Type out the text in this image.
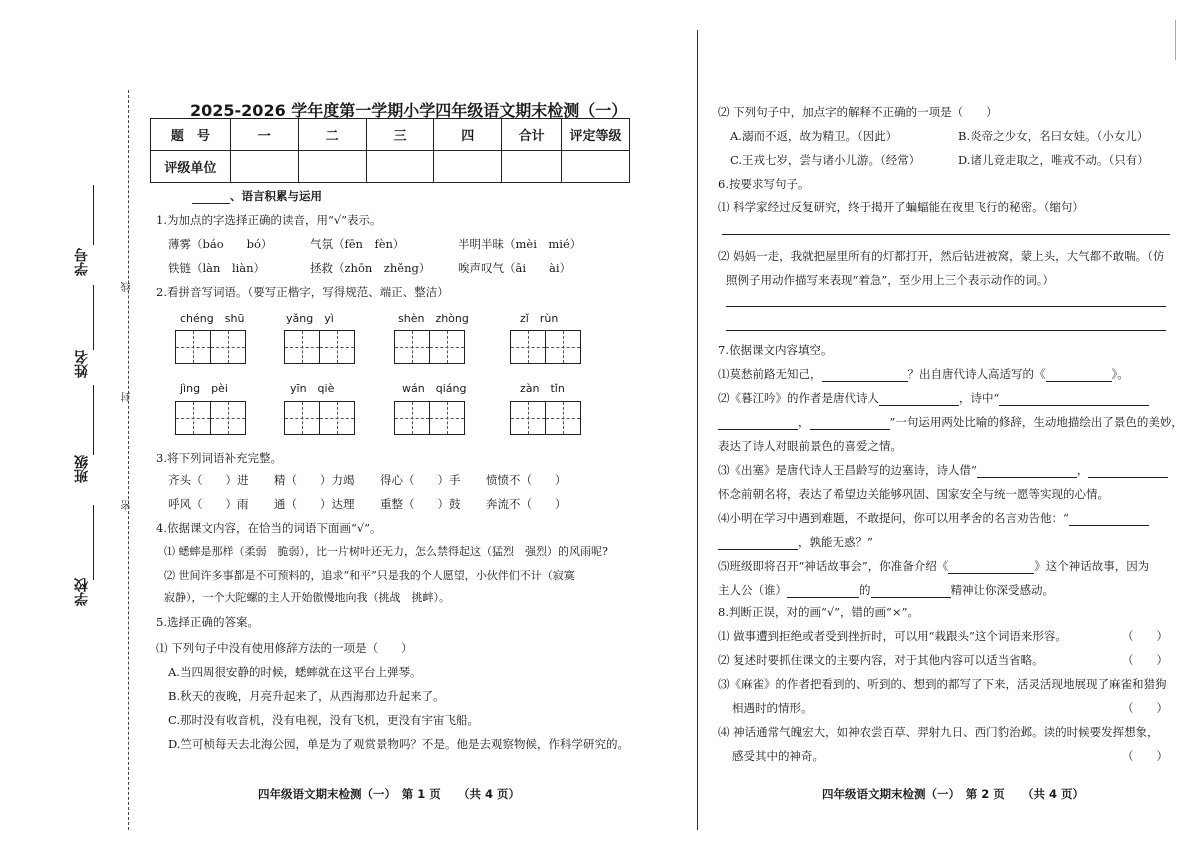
学校
班级
姓名
学号
密
封
线
2025-2026 学年度第一学期小学四年级语文期末检测（一）
题　号	一	二	三	四	合计	评定等级
评级单位						
、语言积累与运用
1.为加点的字选择正确的读音，用“√”表示。
薄雾（báo　　bó）	气氛（fēn　fèn）	半明半昧（mèi　mié）
铁链（làn　liàn）	拯救（zhōn　zhěng） 唉声叹气（āi　　ài）
2.看拼音写词语。（要写正楷字，写得规范、端正、整洁）
chéng　shū	yǎng　yì	shèn　zhòng	zǐ　rùn
jìng　pèi	yīn　qiè	wán　qiáng	zàn　tǐn
3.将下列词语补充完整。
齐头（　　）进 精（　　）力竭 得心（　　）手 愤愤不（　　）
呼风（　　）雨 通（　　）达理 重整（　　）鼓 奔流不（　　）
4.依据课文内容，在恰当的词语下面画“√”。
⑴ 蟋蟀是那样（柔弱　脆弱），比一片树叶还无力，怎么禁得起这（猛烈　强烈）的风雨呢?
⑵ 世间许多事都是不可预料的，追求“和平”只是我的个人愿望，小伙伴们不计（寂寞
寂静），一个大陀螺的主人开始傲慢地向我（挑战　挑衅）。
5.选择正确的答案。
⑴ 下列句子中没有使用修辞方法的一项是（　　）
A.当四周很安静的时候，蟋蟀就在这平台上弹琴。
B.秋天的夜晚，月亮升起来了，从西海那边升起来了。
C.那时没有收音机，没有电视，没有飞机，更没有宇宙飞船。
D.竺可桢每天去北海公园，单是为了观赏景物吗？不是。他是去观察物候，作科学研究的。
四年级语文期末检测（一）　第 1 页　　（共 4 页）
⑵ 下列句子中，加点字的解释不正确的一项是（　　）
A.溺而不返，故为精卫。（因此）	B.炎帝之少女，名曰女娃。（小女儿）
C.王戎七岁，尝与诸小儿游。（经常）	D.诸儿竞走取之，唯戎不动。（只有）
6.按要求写句子。
⑴ 科学家经过反复研究，终于揭开了蝙蝠能在夜里飞行的秘密。（缩句）
⑵ 妈妈一走，我就把屋里所有的灯都打开，然后钻进被窝，蒙上头，大气都不敢喘。（仿
照例子用动作描写来表现“着急”，至少用上三个表示动作的词。）
7.依据课文内容填空。
⑴莫愁前路无知己，	？出自唐代诗人高适写的《	》。
⑵《暮江吟》的作者是唐代诗人	，诗中“
，	”一句运用两处比喻的修辞，生动地描绘出了景色的美妙，
表达了诗人对眼前景色的喜爱之情。
⑶《出塞》是唐代诗人王昌龄写的边塞诗，诗人借“	，
怀念前朝名将，表达了希望边关能够巩固、国家安全与统一愿等实现的心情。
⑷小明在学习中遇到难题，不敢提问，你可以用孝舍的名言劝告他：“
，孰能无惑？”
⑸班级即将召开“神话故事会”，你准备介绍《	》这个神话故事，因为
主人公（谁）	的	精神让你深受感动。
8.判断正误，对的画“√”，错的画“×”。
⑴ 做事遭到拒绝或者受到挫折时，可以用“栽跟头”这个词语来形容。	（　　）
⑵ 复述时要抓住课文的主要内容，对于其他内容可以适当省略。	（　　）
⑶《麻雀》的作者把看到的、听到的、想到的都写了下来，活灵活现地展现了麻雀和猎狗
相遇时的情形。	（　　）
⑷ 神话通常气魄宏大，如神农尝百草、羿射九日、西门豹治邺。读的时候要发挥想象，
感受其中的神奇。	（　　）
四年级语文期末检测（一）　第 2 页　　（共 4 页）
